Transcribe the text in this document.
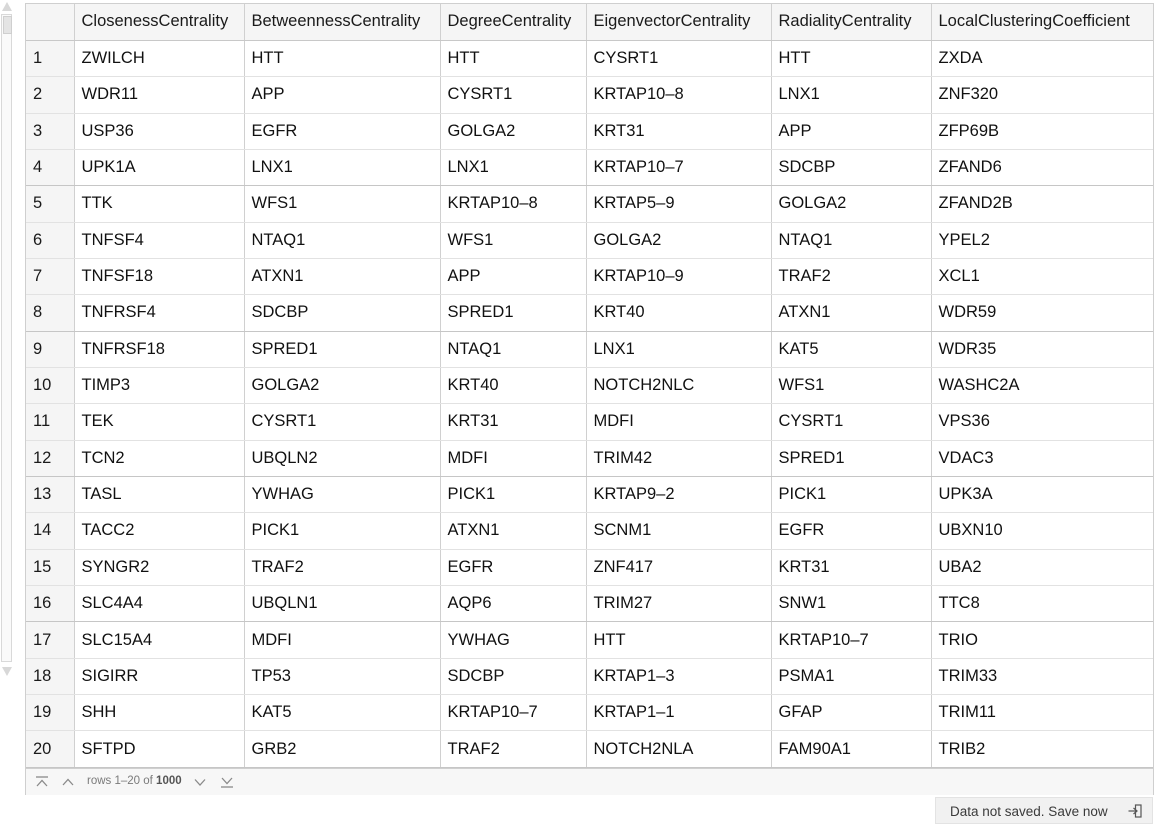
	ClosenessCentrality	BetweennessCentrality	DegreeCentrality	EigenvectorCentrality	RadialityCentrality	LocalClusteringCoefficient
1	ZWILCH	HTT	HTT	CYSRT1	HTT	ZXDA
2	WDR11	APP	CYSRT1	KRTAP10–8	LNX1	ZNF320
3	USP36	EGFR	GOLGA2	KRT31	APP	ZFP69B
4	UPK1A	LNX1	LNX1	KRTAP10–7	SDCBP	ZFAND6
5	TTK	WFS1	KRTAP10–8	KRTAP5–9	GOLGA2	ZFAND2B
6	TNFSF4	NTAQ1	WFS1	GOLGA2	NTAQ1	YPEL2
7	TNFSF18	ATXN1	APP	KRTAP10–9	TRAF2	XCL1
8	TNFRSF4	SDCBP	SPRED1	KRT40	ATXN1	WDR59
9	TNFRSF18	SPRED1	NTAQ1	LNX1	KAT5	WDR35
10	TIMP3	GOLGA2	KRT40	NOTCH2NLC	WFS1	WASHC2A
11	TEK	CYSRT1	KRT31	MDFI	CYSRT1	VPS36
12	TCN2	UBQLN2	MDFI	TRIM42	SPRED1	VDAC3
13	TASL	YWHAG	PICK1	KRTAP9–2	PICK1	UPK3A
14	TACC2	PICK1	ATXN1	SCNM1	EGFR	UBXN10
15	SYNGR2	TRAF2	EGFR	ZNF417	KRT31	UBA2
16	SLC4A4	UBQLN1	AQP6	TRIM27	SNW1	TTC8
17	SLC15A4	MDFI	YWHAG	HTT	KRTAP10–7	TRIO
18	SIGIRR	TP53	SDCBP	KRTAP1–3	PSMA1	TRIM33
19	SHH	KAT5	KRTAP10–7	KRTAP1–1	GFAP	TRIM11
20	SFTPD	GRB2	TRAF2	NOTCH2NLA	FAM90A1	TRIB2
rows 1–20 of 1000
Data not saved. Save now
